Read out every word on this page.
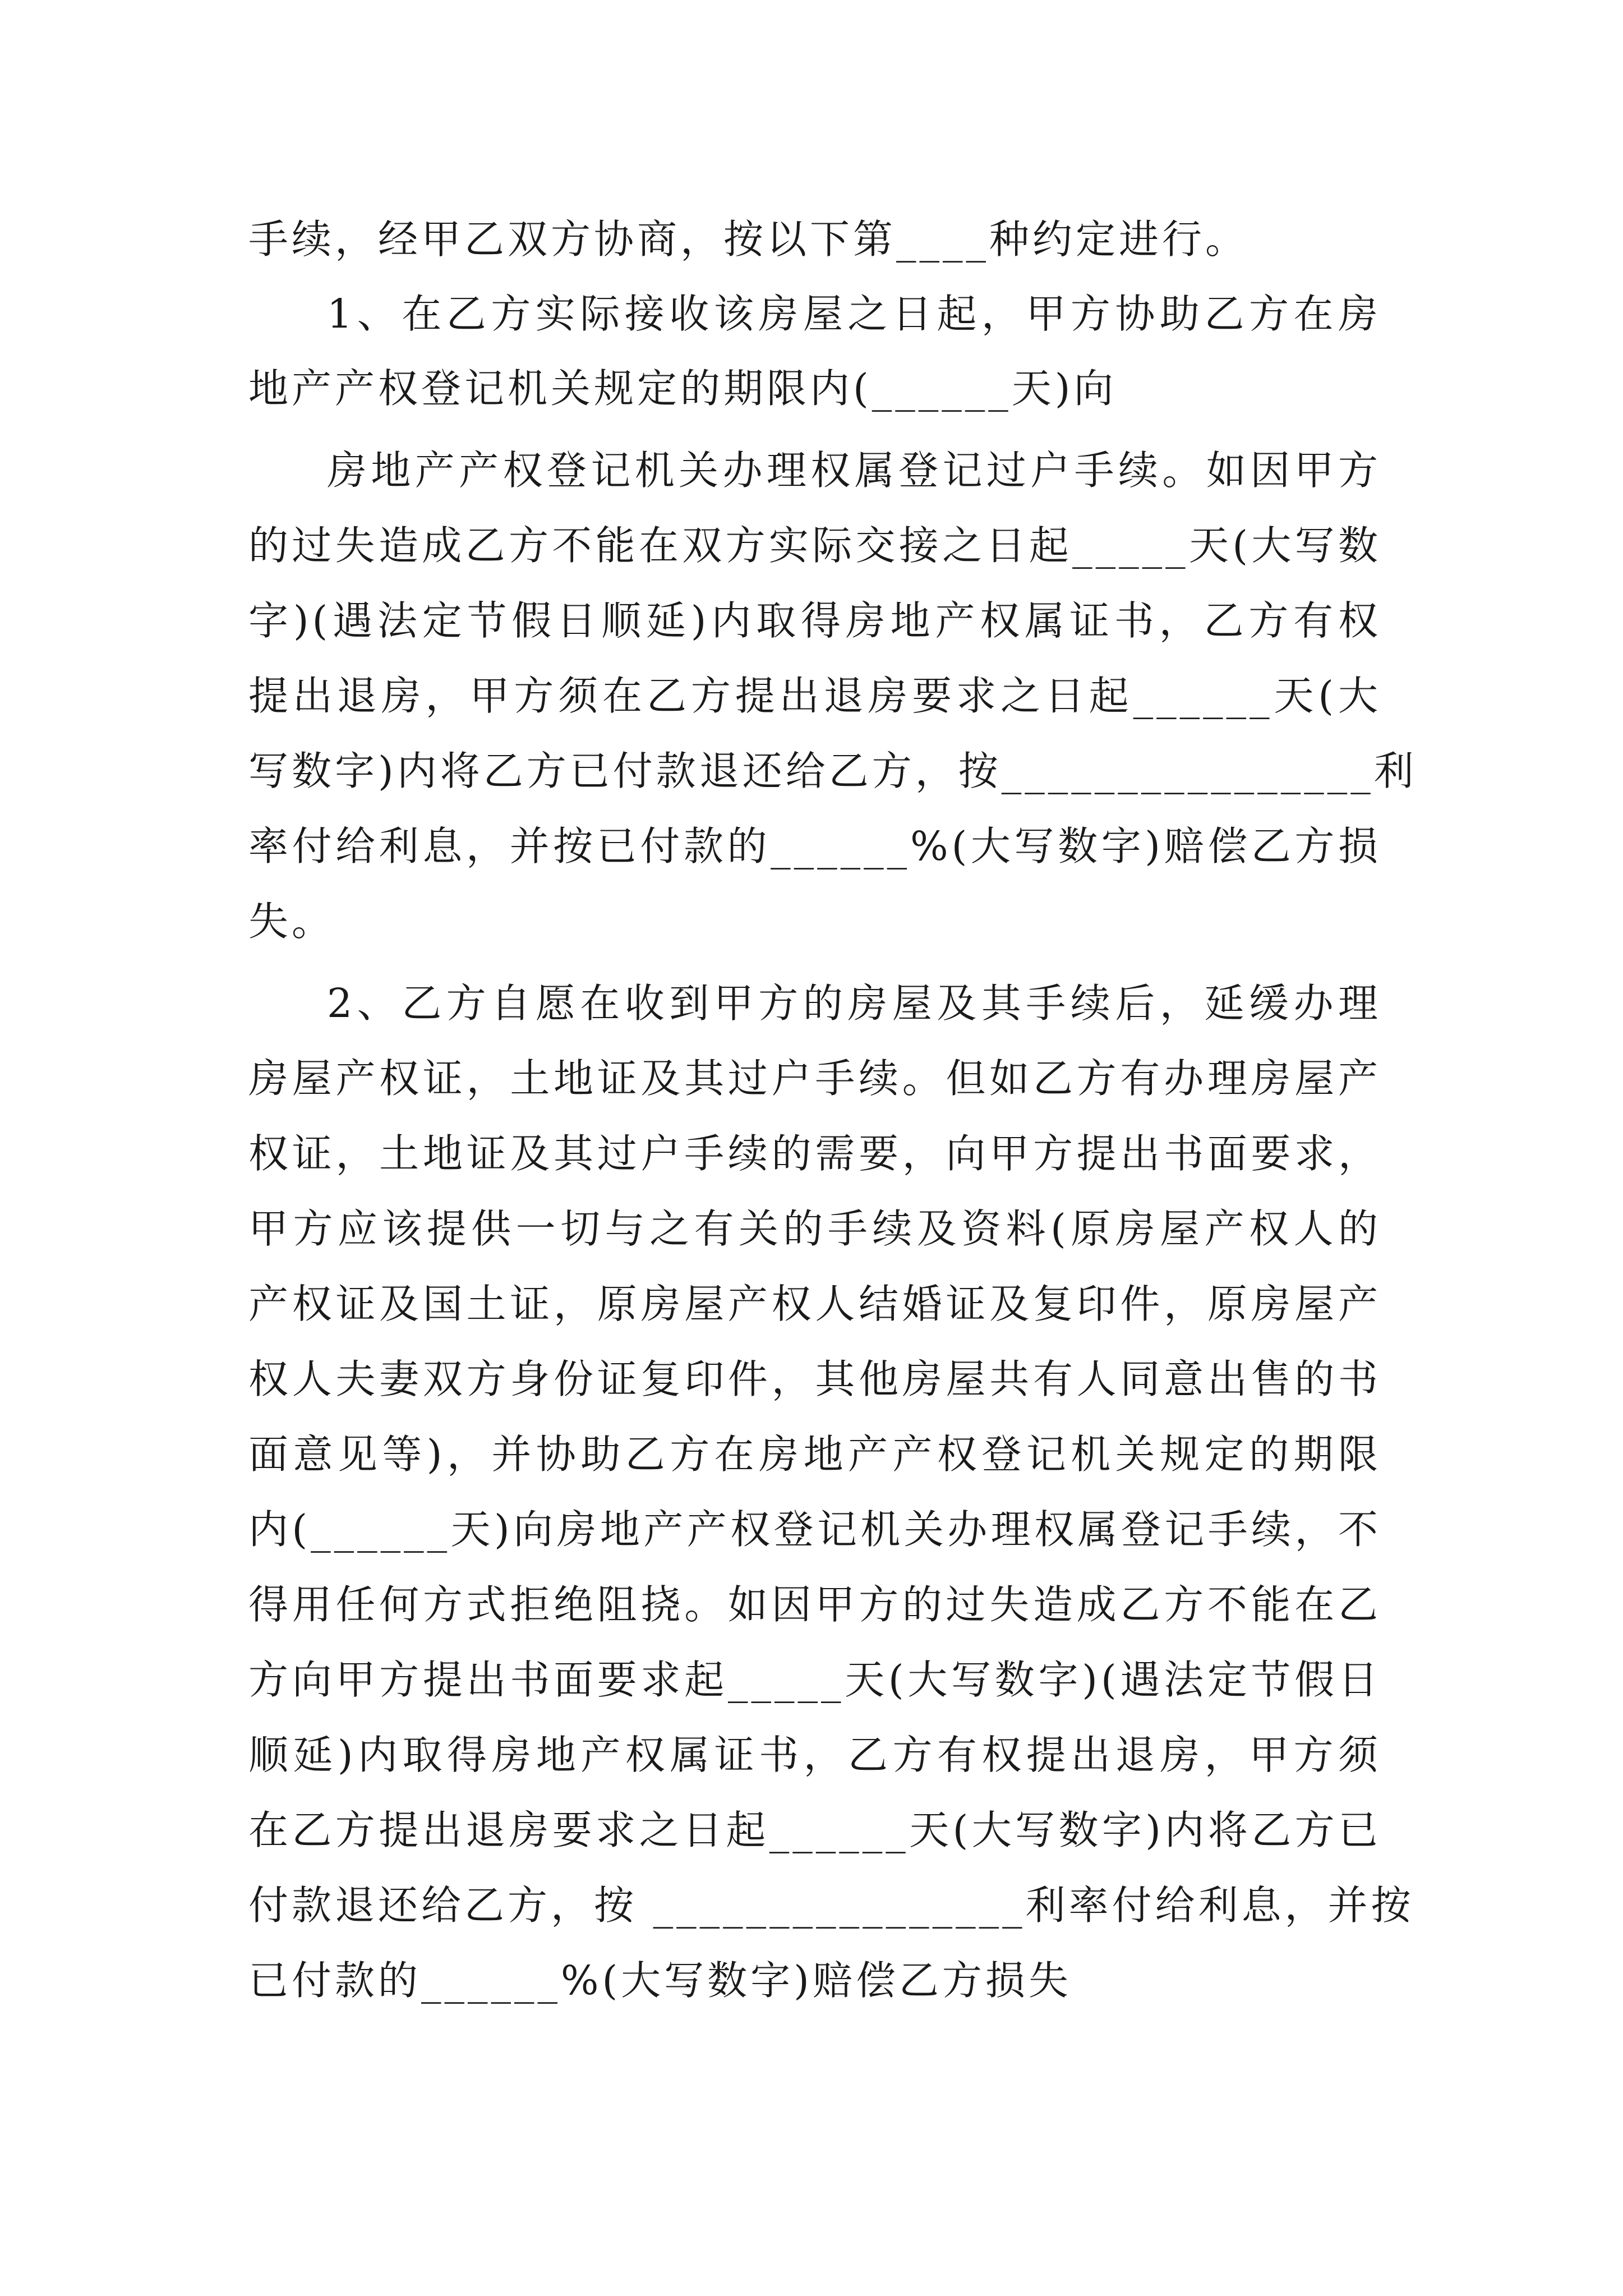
手续，经甲乙双方协商，按以下第____种约定进行。
1、在乙方实际接收该房屋之日起，甲方协助乙方在房
地产产权登记机关规定的期限内(______天)向
房地产产权登记机关办理权属登记过户手续。如因甲方
的过失造成乙方不能在双方实际交接之日起_____天(大写数
字)(遇法定节假日顺延)内取得房地产权属证书，乙方有权
提出退房，甲方须在乙方提出退房要求之日起______天(大
写数字)内将乙方已付款退还给乙方，按________________利
率付给利息，并按已付款的______%(大写数字)赔偿乙方损
失。
2、乙方自愿在收到甲方的房屋及其手续后，延缓办理
房屋产权证，土地证及其过户手续。但如乙方有办理房屋产
权证，土地证及其过户手续的需要，向甲方提出书面要求，
甲方应该提供一切与之有关的手续及资料(原房屋产权人的
产权证及国土证，原房屋产权人结婚证及复印件，原房屋产
权人夫妻双方身份证复印件，其他房屋共有人同意出售的书
面意见等)，并协助乙方在房地产产权登记机关规定的期限
内(______天)向房地产产权登记机关办理权属登记手续，不
得用任何方式拒绝阻挠。如因甲方的过失造成乙方不能在乙
方向甲方提出书面要求起_____天(大写数字)(遇法定节假日
顺延)内取得房地产权属证书，乙方有权提出退房，甲方须
在乙方提出退房要求之日起______天(大写数字)内将乙方已
付款退还给乙方，按 ________________利率付给利息，并按
已付款的______%(大写数字)赔偿乙方损失
